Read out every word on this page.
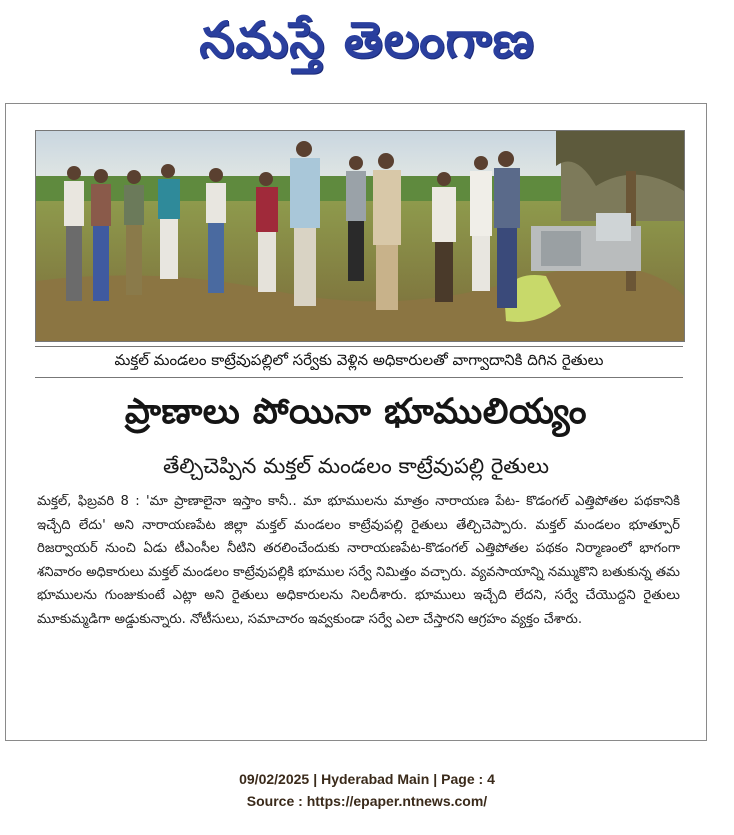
నమస్తే తెలంగాణ
మక్తల్ మండలం కాట్రేవుపల్లిలో సర్వేకు వెళ్లిన అధికారులతో వాగ్వాదానికి దిగిన రైతులు
ప్రాణాలు పోయినా భూములియ్యం
తేల్చిచెప్పిన మక్తల్ మండలం కాట్రేవుపల్లి రైతులు
మక్తల్, ఫిబ్రవరి 8 : 'మా ప్రాణాలైనా ఇస్తాం కానీ.. మా భూములను మాత్రం నారాయణ పేట- కొడంగల్ ఎత్తిపోతల పథకానికి ఇచ్చేది లేదు' అని నారాయణపేట జిల్లా మక్తల్ మండలం కాట్రేవుపల్లి రైతులు తేల్చిచెప్పారు. మక్తల్ మండలం భూత్పూర్ రిజర్వాయర్ నుంచి ఏడు టీఎంసీల నీటిని తరలించేందుకు నారాయణపేట-కొడంగల్ ఎత్తిపోతల పథకం నిర్మాణంలో భాగంగా శనివారం అధికారులు మక్తల్ మండలం కాట్రేవుపల్లికి భూముల సర్వే నిమిత్తం వచ్చారు. వ్యవసాయాన్ని నమ్ముకొని బతుకున్న తమ భూములను గుంజుకుంటే ఎట్లా అని రైతులు అధికారులను నిలదీశారు. భూములు ఇచ్చేది లేదని, సర్వే చేయొద్దని రైతులు మూకుమ్మడిగా అడ్డుకున్నారు. నోటీసులు, సమాచారం ఇవ్వకుండా సర్వే ఎలా చేస్తారని ఆగ్రహం వ్యక్తం చేశారు.
09/02/2025 | Hyderabad Main | Page : 4
Source : https://epaper.ntnews.com/
